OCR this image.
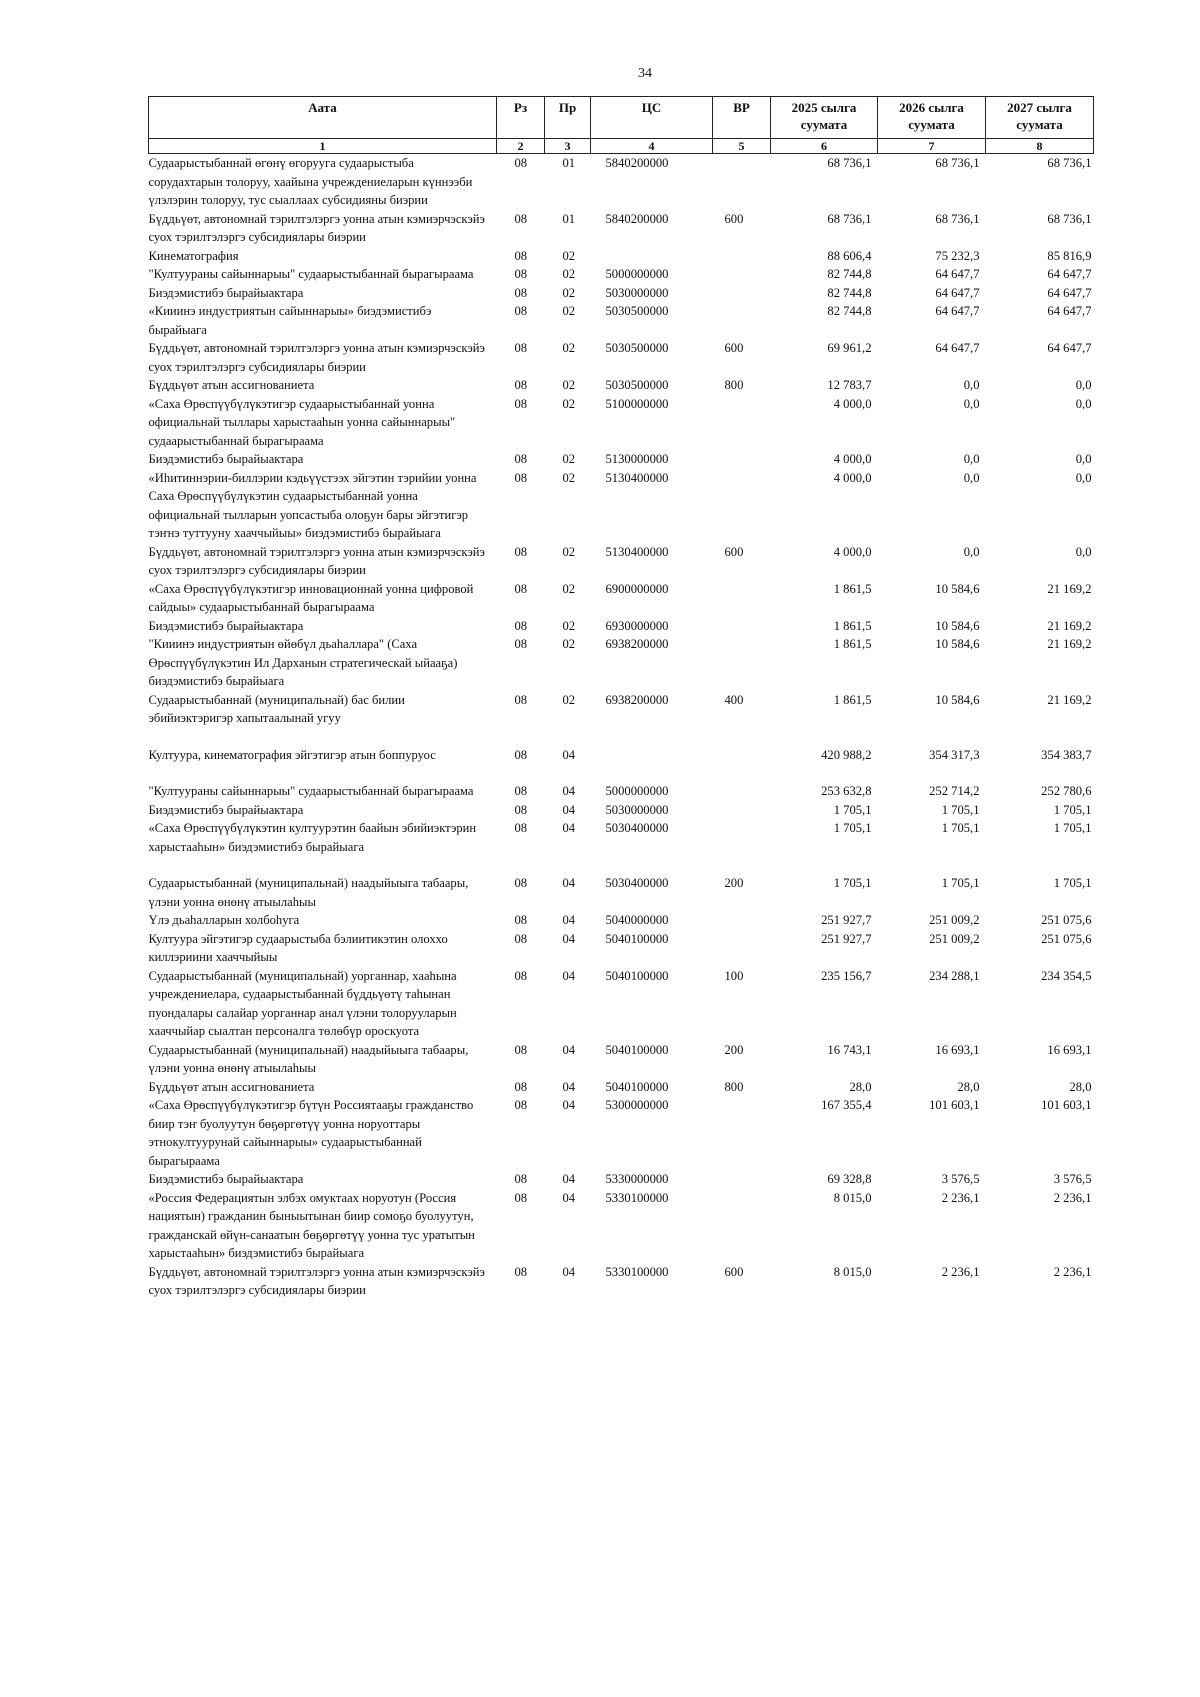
34
Аата	Рз	Пр	ЦС	ВР	2025 сылга суумата	2026 сылга суумата	2027 сылга суумата
1	2	3	4	5	6	7	8
Судаарыстыбаннай өгөнү өгоруугa судаарыстыба сорудахтарын толоруу, хаайына учреждениеларын күннээби үлэлэрин толоруу, тус сыаллаах субсидияны биэрии	08	01	5840200000		68 736,1	68 736,1	68 736,1
Бүддьүөт, автономнай тэрилтэлэргэ уонна атын кэмиэрчэскэйэ суох тэрилтэлэргэ субсидиялары биэрии	08	01	5840200000	600	68 736,1	68 736,1	68 736,1
Кинематография	08	02			88 606,4	75 232,3	85 816,9
"Култуураны сайыннарыы" судаарыстыбаннай бырагыраама	08	02	5000000000		82 744,8	64 647,7	64 647,7
Биэдэмистибэ бырайыактара	08	02	5030000000		82 744,8	64 647,7	64 647,7
«Кииинэ индустриятын сайыннарыы» биэдэмистибэ бырайыага	08	02	5030500000		82 744,8	64 647,7	64 647,7
Бүддьүөт, автономнай тэрилтэлэргэ уонна атын кэмиэрчэскэйэ суох тэрилтэлэргэ субсидиялары биэрии	08	02	5030500000	600	69 961,2	64 647,7	64 647,7
Бүддьүөт атын ассигнованиета	08	02	5030500000	800	12 783,7	0,0	0,0
«Саха Өрөспүүбүлүкэтигэр судаарыстыбаннай уонна официальнай тыллары харыстааһын уонна сайыннарыы" судаарыстыбаннай бырагыраама	08	02	5100000000		4 000,0	0,0	0,0
Биэдэмистибэ бырайыактара	08	02	5130000000		4 000,0	0,0	0,0
«Иһитиннэрии-биллэрии кэдьүүстээх эйгэтин тэрийии уонна Саха Өрөспүүбүлүкэтин судаарыстыбаннай уонна официальнай тылларын уопсастыба олоҕун бары эйгэтигэр тэҥнэ туттууну хааччыйыы» биэдэмистибэ бырайыага	08	02	5130400000		4 000,0	0,0	0,0
Бүддьүөт, автономнай тэрилтэлэргэ уонна атын кэмиэрчэскэйэ суох тэрилтэлэргэ субсидиялары биэрии	08	02	5130400000	600	4 000,0	0,0	0,0
«Саха Өрөспүүбүлүкэтигэр инновационнай уонна цифровой сайдыы» судаарыстыбаннай бырагыраама	08	02	6900000000		1 861,5	10 584,6	21 169,2
Биэдэмистибэ бырайыактара	08	02	6930000000		1 861,5	10 584,6	21 169,2
"Кииинэ индустриятын өйөбүл дьаһаллара" (Саха Өрөспүүбүлүкэтин Ил Дарханын стратегическай ыйааҕа) биэдэмистибэ бырайыага	08	02	6938200000		1 861,5	10 584,6	21 169,2
Судаарыстыбаннай (муниципальнай) бас билии эбийиэктэригэр хапытаалынай угуу	08	02	6938200000	400	1 861,5	10 584,6	21 169,2

Култуура, кинематография эйгэтигэр атын боппуруос	08	04			420 988,2	354 317,3	354 383,7

"Култуураны сайыннарыы" судаарыстыбаннай бырагыраама	08	04	5000000000		253 632,8	252 714,2	252 780,6
Биэдэмистибэ бырайыактара	08	04	5030000000		1 705,1	1 705,1	1 705,1
«Саха Өрөспүүбүлүкэтин култуурэтин баайын эбийиэктэрин харыстааһын» биэдэмистибэ бырайыага	08	04	5030400000		1 705,1	1 705,1	1 705,1

Судаарыстыбаннай (муниципальнай) наадыйыыга табаары, үлэни уонна өнөнү атыылаһыы	08	04	5030400000	200	1 705,1	1 705,1	1 705,1
Үлэ дьаһалларын холбоһуга	08	04	5040000000		251 927,7	251 009,2	251 075,6
Култуура эйгэтигэр судаарыстыба бэлиитикэтин олоххо киллэриини хааччыйыы	08	04	5040100000		251 927,7	251 009,2	251 075,6
Судаарыстыбаннай (муниципальнай) уорганнар, хааһына учреждениелара, судаарыстыбаннай бүддьүөтү таһынан пуондалары салайар уорганнар анал үлэни толорууларын хааччыйар сыалтан персоналга төлөбүр ороскуота	08	04	5040100000	100	235 156,7	234 288,1	234 354,5
Судаарыстыбаннай (муниципальнай) наадыйыыга табаары, үлэни уонна өнөнү атыылаһыы	08	04	5040100000	200	16 743,1	16 693,1	16 693,1
Бүддьүөт атын ассигнованиета	08	04	5040100000	800	28,0	28,0	28,0
«Саха Өрөспүүбүлүкэтигэр бүтүн Россиятааҕы гражданство биир тэҥ буолуутун бөҕөргөтүү уонна норуоттары этнокултуурунай сайыннарыы» судаарыстыбаннай бырагыраама	08	04	5300000000		167 355,4	101 603,1	101 603,1
Биэдэмистибэ бырайыактара	08	04	5330000000		69 328,8	3 576,5	3 576,5
«Россия Федерациятын элбэх омуктаах норуотун (Россия нациятын) гражданин быныытынан биир сомоҕо буолуутун, гражданскай өйүн-санаатын бөҕөргөтүү уонна тус уратытын харыстааһын» биэдэмистибэ бырайыага	08	04	5330100000		8 015,0	2 236,1	2 236,1
Бүддьүөт, автономнай тэрилтэлэргэ уонна атын кэмиэрчэскэйэ суох тэрилтэлэргэ субсидиялары биэрии	08	04	5330100000	600	8 015,0	2 236,1	2 236,1
